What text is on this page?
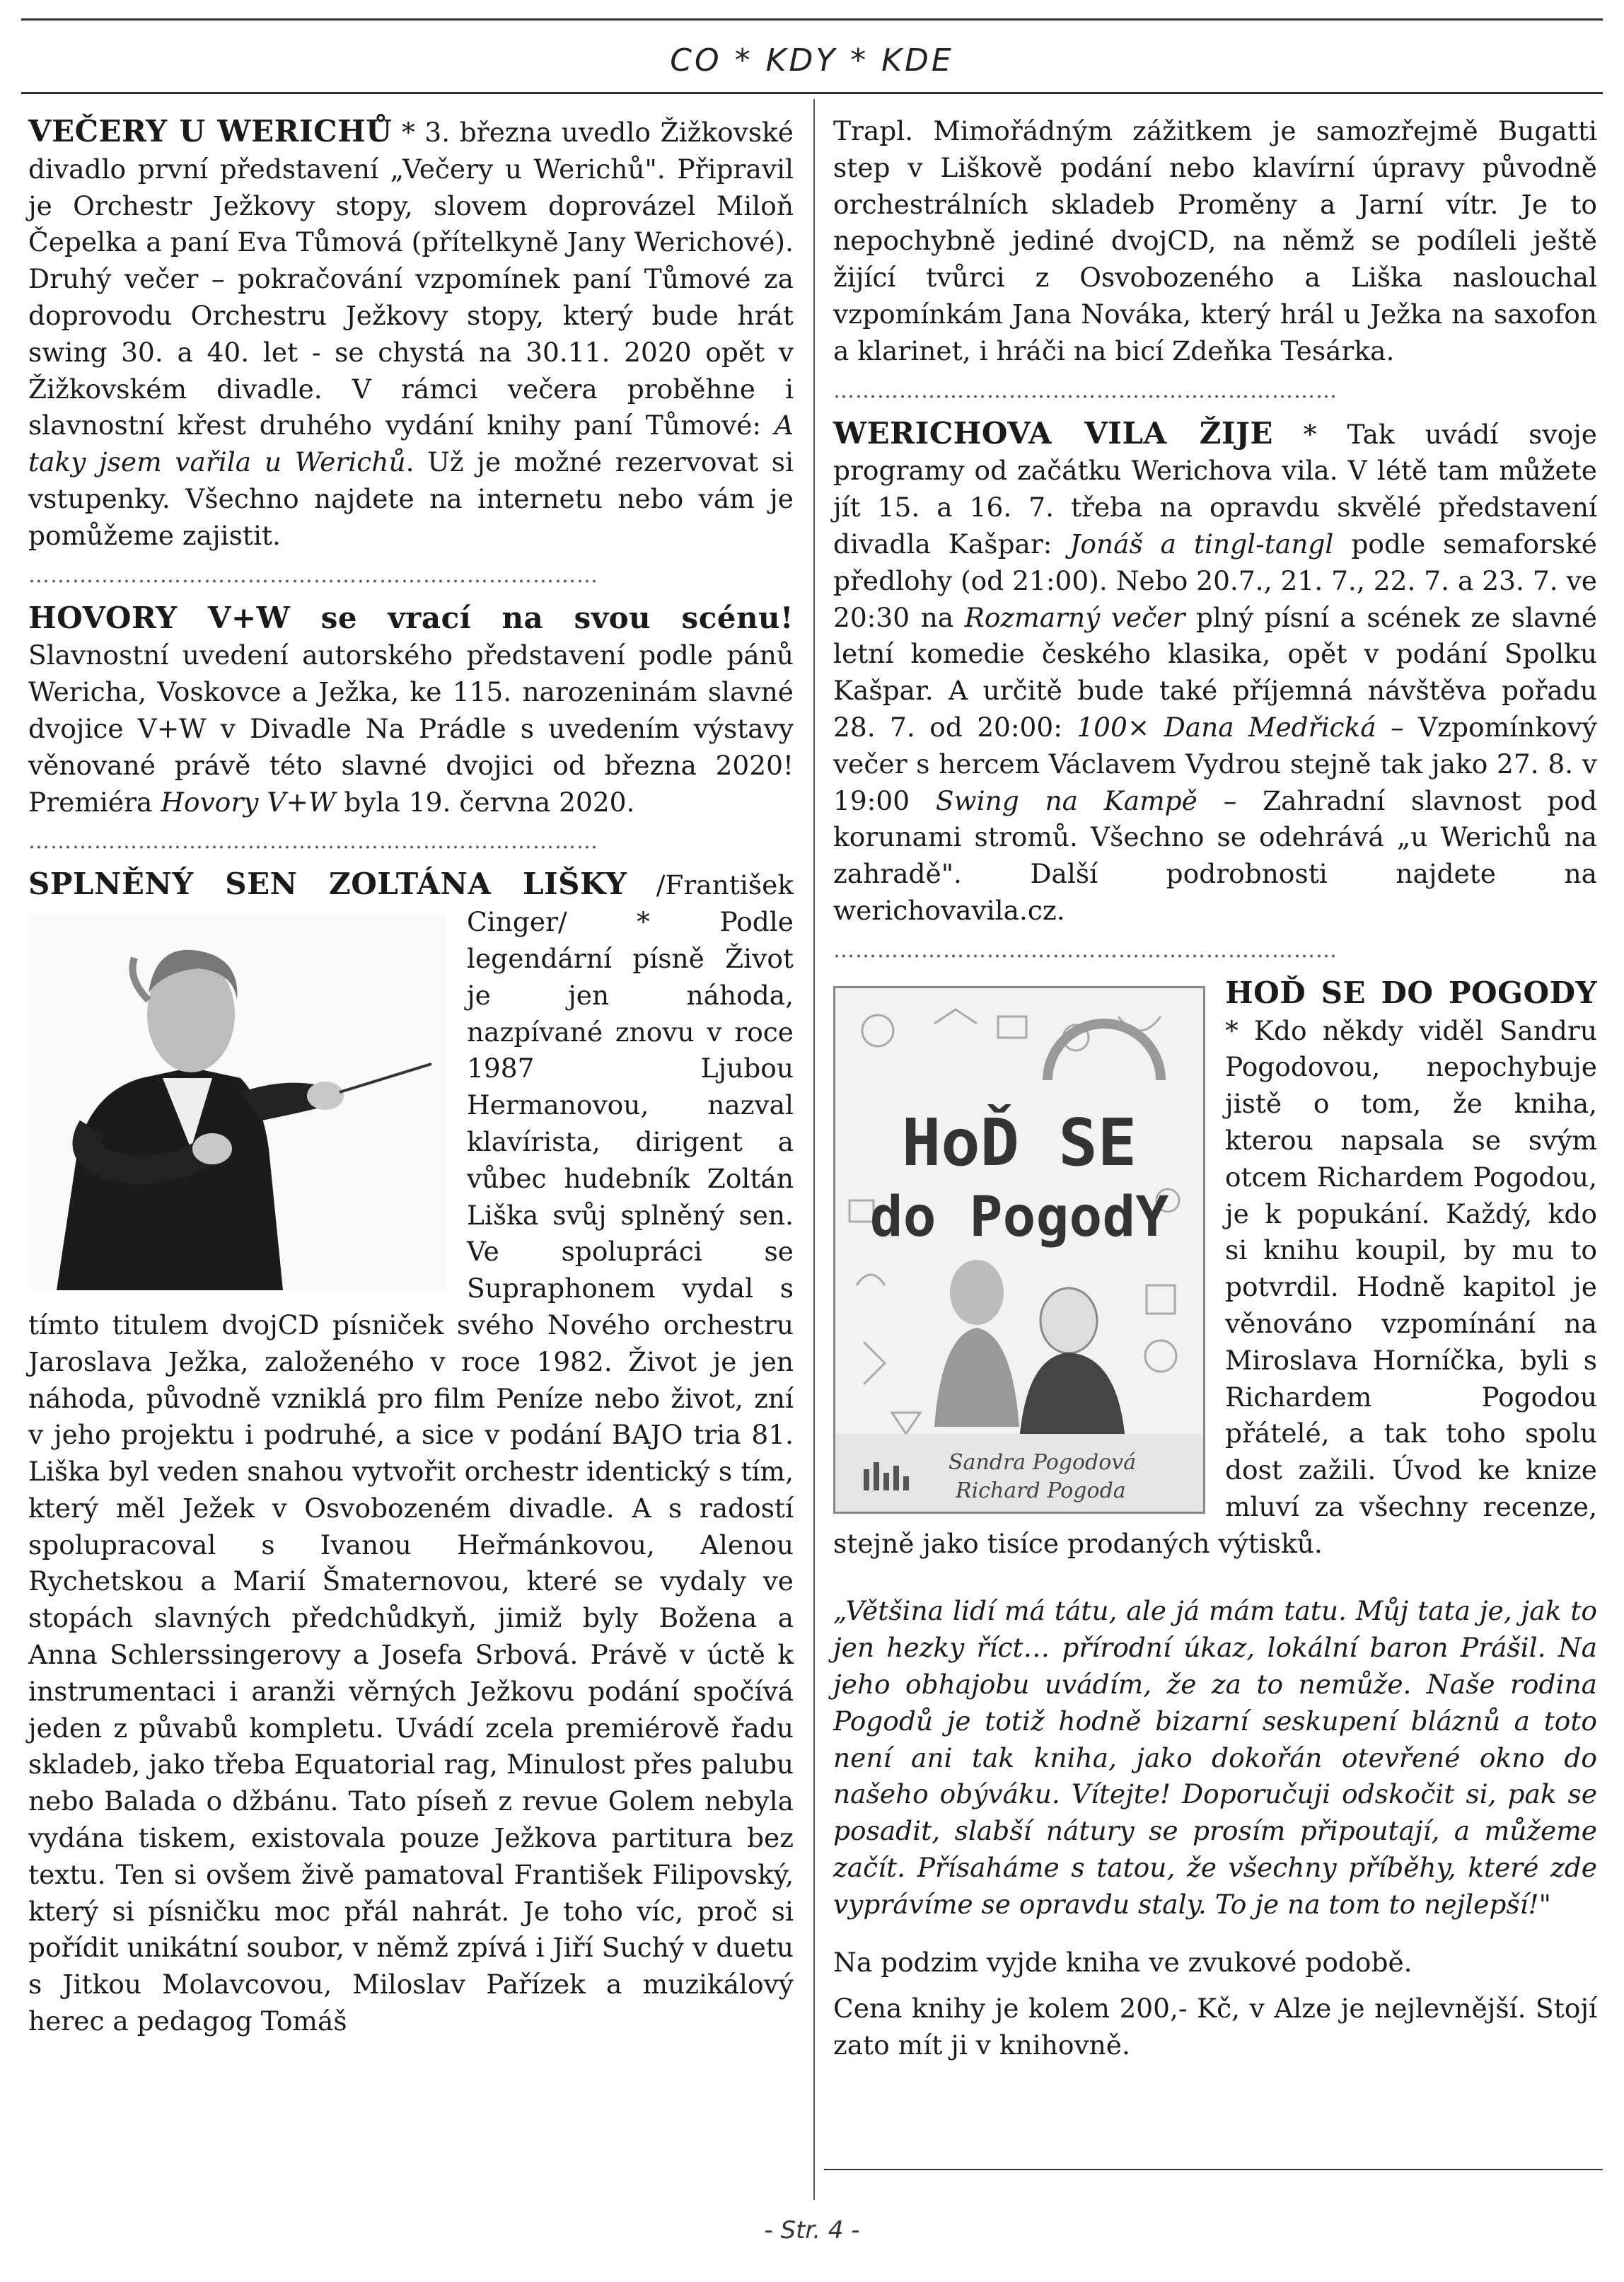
CO * KDY * KDE

VEČERY U WERICHŮ * 3. března uvedlo Žižkovské divadlo první představení „Večery u Werichů". Připravil je Orchestr Ježkovy stopy, slovem doprovázel Miloň Čepelka a paní Eva Tůmová (přítelkyně Jany Werichové). Druhý večer – pokračování vzpomínek paní Tůmové za doprovodu Orchestru Ježkovy stopy, který bude hrát swing 30. a 40. let - se chystá na 30.11. 2020 opět v Žižkovském divadle. V rámci večera proběhne i slavnostní křest druhého vydání knihy paní Tůmové: A taky jsem vařila u Werichů. Už je možné rezervovat si vstupenky. Všechno najdete na internetu nebo vám je pomůžeme zajistit.

……………………………………………………………………

HOVORY V+W se vrací na svou scénu! Slavnostní uvedení autorského představení podle pánů Wericha, Voskovce a Ježka, ke 115. narozeninám slavné dvojice V+W v Divadle Na Prádle s uvedením výstavy věnované právě této slavné dvojici od března 2020! Premiéra Hovory V+W byla 19. června 2020.

……………………………………………………………………

SPLNĚNÝ SEN ZOLTÁNA LIŠKY
/František Cinger/ * Podle legendární písně Život je jen náhoda, nazpívané znovu v roce 1987 Ljubou Hermanovou, nazval klavírista, dirigent a vůbec hudebník Zoltán Liška svůj splněný sen. Ve spolupráci se Supraphonem vydal s tímto titulem dvojCD písniček svého Nového orchestru Jaroslava Ježka, založeného v roce 1982. Život je jen náhoda, původně vzniklá pro film Peníze nebo život, zní v jeho projektu i podruhé, a sice v podání BAJO tria 81. Liška byl veden snahou vytvořit orchestr identický s tím, který měl Ježek v Osvobozeném divadle. A s radostí spolupracoval s Ivanou Heřmánkovou, Alenou Rychetskou a Marií Šmaternovou, které se vydaly ve stopách slavných předchůdkyň, jimiž byly Božena a Anna Schlerssingerovy a Josefa Srbová. Právě v úctě k instrumentaci i aranži věrných Ježkovu podání spočívá jeden z půvabů kompletu. Uvádí zcela premiérově řadu skladeb, jako třeba Equatorial rag, Minulost přes palubu nebo Balada o džbánu. Tato píseň z revue Golem nebyla vydána tiskem, existovala pouze Ježkova partitura bez textu. Ten si ovšem živě pamatoval František Filipovský, který si písničku moc přál nahrát. Je toho víc, proč si pořídit unikátní soubor, v němž zpívá i Jiří Suchý v duetu s Jitkou Molavcovou, Miloslav Pařízek a muzikálový herec a pedagog Tomáš

Trapl. Mimořádným zážitkem je samozřejmě Bugatti step v Liškově podání nebo klavírní úpravy původně orchestrálních skladeb Proměny a Jarní vítr. Je to nepochybně jediné dvojCD, na němž se podíleli ještě žijící tvůrci z Osvobozeného a Liška naslouchal vzpomínkám Jana Nováka, který hrál u Ježka na saxofon a klarinet, i hráči na bicí Zdeňka Tesárka.

……………………………………………………………

WERICHOVA VILA ŽIJE * Tak uvádí svoje programy od začátku Werichova vila. V létě tam můžete jít 15. a 16. 7. třeba na opravdu skvělé představení divadla Kašpar: Jonáš a tingl-tangl podle semaforské předlohy (od 21:00). Nebo 20.7., 21. 7., 22. 7. a 23. 7. ve 20:30 na Rozmarný večer plný písní a scének ze slavné letní komedie českého klasika, opět v podání Spolku Kašpar. A určitě bude také příjemná návštěva pořadu 28. 7. od 20:00: 100× Dana Medřická – Vzpomínkový večer s hercem Václavem Vydrou stejně tak jako 27. 8. v 19:00 Swing na Kampě – Zahradní slavnost pod korunami stromů. Všechno se odehrává „u Werichů na zahradě". Další podrobnosti najdete na werichovavila.cz.

……………………………………………………………

HOĎ SE DO POGODY
HoĎ SE
do PogodY
Sandra Pogodová
Richard Pogoda
* Kdo někdy viděl Sandru Pogodovou, nepochybuje jistě o tom, že kniha, kterou napsala se svým otcem Richardem Pogodou, je k popukání. Každý, kdo si knihu koupil, by mu to potvrdil. Hodně kapitol je věnováno vzpomínání na Miroslava Horníčka, byli s Richardem Pogodou přátelé, a tak toho spolu dost zažili. Úvod ke knize mluví za všechny recenze, stejně jako tisíce prodaných výtisků.

„Většina lidí má tátu, ale já mám tatu. Můj tata je, jak to jen hezky říct… přírodní úkaz, lokální baron Prášil. Na jeho obhajobu uvádím, že za to nemůže. Naše rodina Pogodů je totiž hodně bizarní seskupení bláznů a toto není ani tak kniha, jako dokořán otevřené okno do našeho obýváku. Vítejte! Doporučuji odskočit si, pak se posadit, slabší nátury se prosím připoutají, a můžeme začít. Přísaháme s tatou, že všechny příběhy, které zde vyprávíme se opravdu staly. To je na tom to nejlepší!"

Na podzim vyjde kniha ve zvukové podobě.

Cena knihy je kolem 200,- Kč, v Alze je nejlevnější. Stojí zato mít ji v knihovně.

- Str. 4 -
